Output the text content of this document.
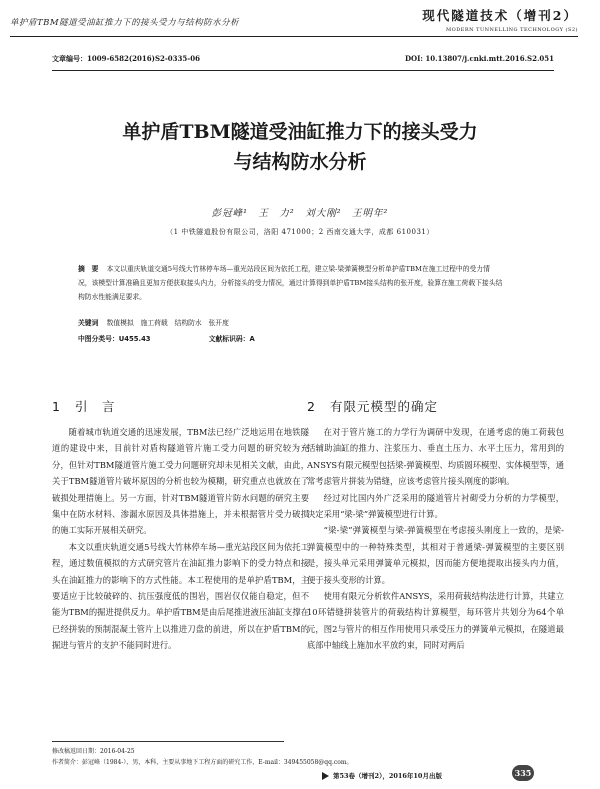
单护盾TBM隧道受油缸推力下的接头受力与结构防水分析	现代隧道技术（增刊2）
MODERN TUNNELLING TECHNOLOGY (S2)
文章编号：1009-6582(2016)S2-0335-06	DOI: 10.13807/j.cnki.mtt.2016.S2.051
单护盾TBM隧道受油缸推力下的接头受力
与结构防水分析
彭冠峰¹　王　力²　刘大刚²　王明年²
（1 中铁隧道股份有限公司，洛阳 471000；2 西南交通大学，成都 610031）
摘　要 本文以重庆轨道交通5号线大竹林停车场—重光站段区间为依托工程，建立梁-梁弹簧模型分析单护盾TBM在施工过程中的受力情况，该模型计算准确且更加方便获取接头内力，分析接头的受力情况，通过计算得到单护盾TBM接头结构的张开度，验算在施工荷载下接头结构防水性能满足要求。
关键词 数值模拟　施工荷载　结构防水　张开度
中图分类号：U455.43	文献标识码：A
1 引　言

随着城市轨道交通的迅速发展，TBM法已经广泛地运用在地铁隧道的建设中来，目前针对盾构隧道管片施工受力问题的研究较为充分，但针对TBM隧道管片施工受力问题研究却未见相关文献，由此，关于TBM隧道管片破坏原因的分析也较为模糊，研究重点也就放在了破损处理措施上。另一方面，针对TBM隧道管片防水问题的研究主要集中在防水材料、渗漏水原因及具体措施上，并未根据管片受力破损的施工实际开展相关研究。

本文以重庆轨道交通5号线大竹林停车场—重光站段区间为依托工程，通过数值模拟的方式研究管片在油缸推力影响下的受力特点和接头在油缸推力的影响下的方式性能。本工程使用的是单护盾TBM，主要适应于比较破碎的、抗压强度低的围岩，围岩仅仅能自稳定，但不能为TBM的掘进提供反力。单护盾TBM是由后尾推进液压油缸支撑在已经拼装的预制混凝土管片上以推进刀盘的前进，所以在护盾TBM的掘进与管片的支护不能同时进行。

2 有限元模型的确定

在对于管片施工的力学行为调研中发现，在通考虑的施工荷载包括辅助油缸的推力、注浆压力、垂直土压力、水平土压力，常用到的ANSYS有限元模型包括梁-弹簧模型、均质圆环模型、实体模型等，通常考虑管片拼装为错缝，应该考虑管片接头刚度的影响。

经过对比国内外广泛采用的隧道管片衬砌受力分析的力学模型，决定采用“梁-梁”弹簧模型进行计算。

“梁-梁”弹簧模型与梁-弹簧模型在考虑接头刚度上一致的，是梁-弹簧模型中的一种特殊类型，其相对于普通梁-弹簧模型的主要区别是，接头单元采用弹簧单元模拟，因而能方便地提取出接头内力值，便于接头变形的计算。

使用有限元分析软件ANSYS，采用荷载结构法进行计算，共建立10环错缝拼装管片的荷载结构计算模型，每环管片共划分为64个单元，图2与管片的相互作用使用只承受压力的弹簧单元模拟，在隧道最底部中轴线上施加水平放约束，同时对两后

修改稿返回日期：2016-04-25
作者简介：彭冠峰（1984-），男，本科，主要从事地下工程方面的研究工作，E-mail：349455058@qq.com。
第53卷（增刊2），2016年10月出版	335
